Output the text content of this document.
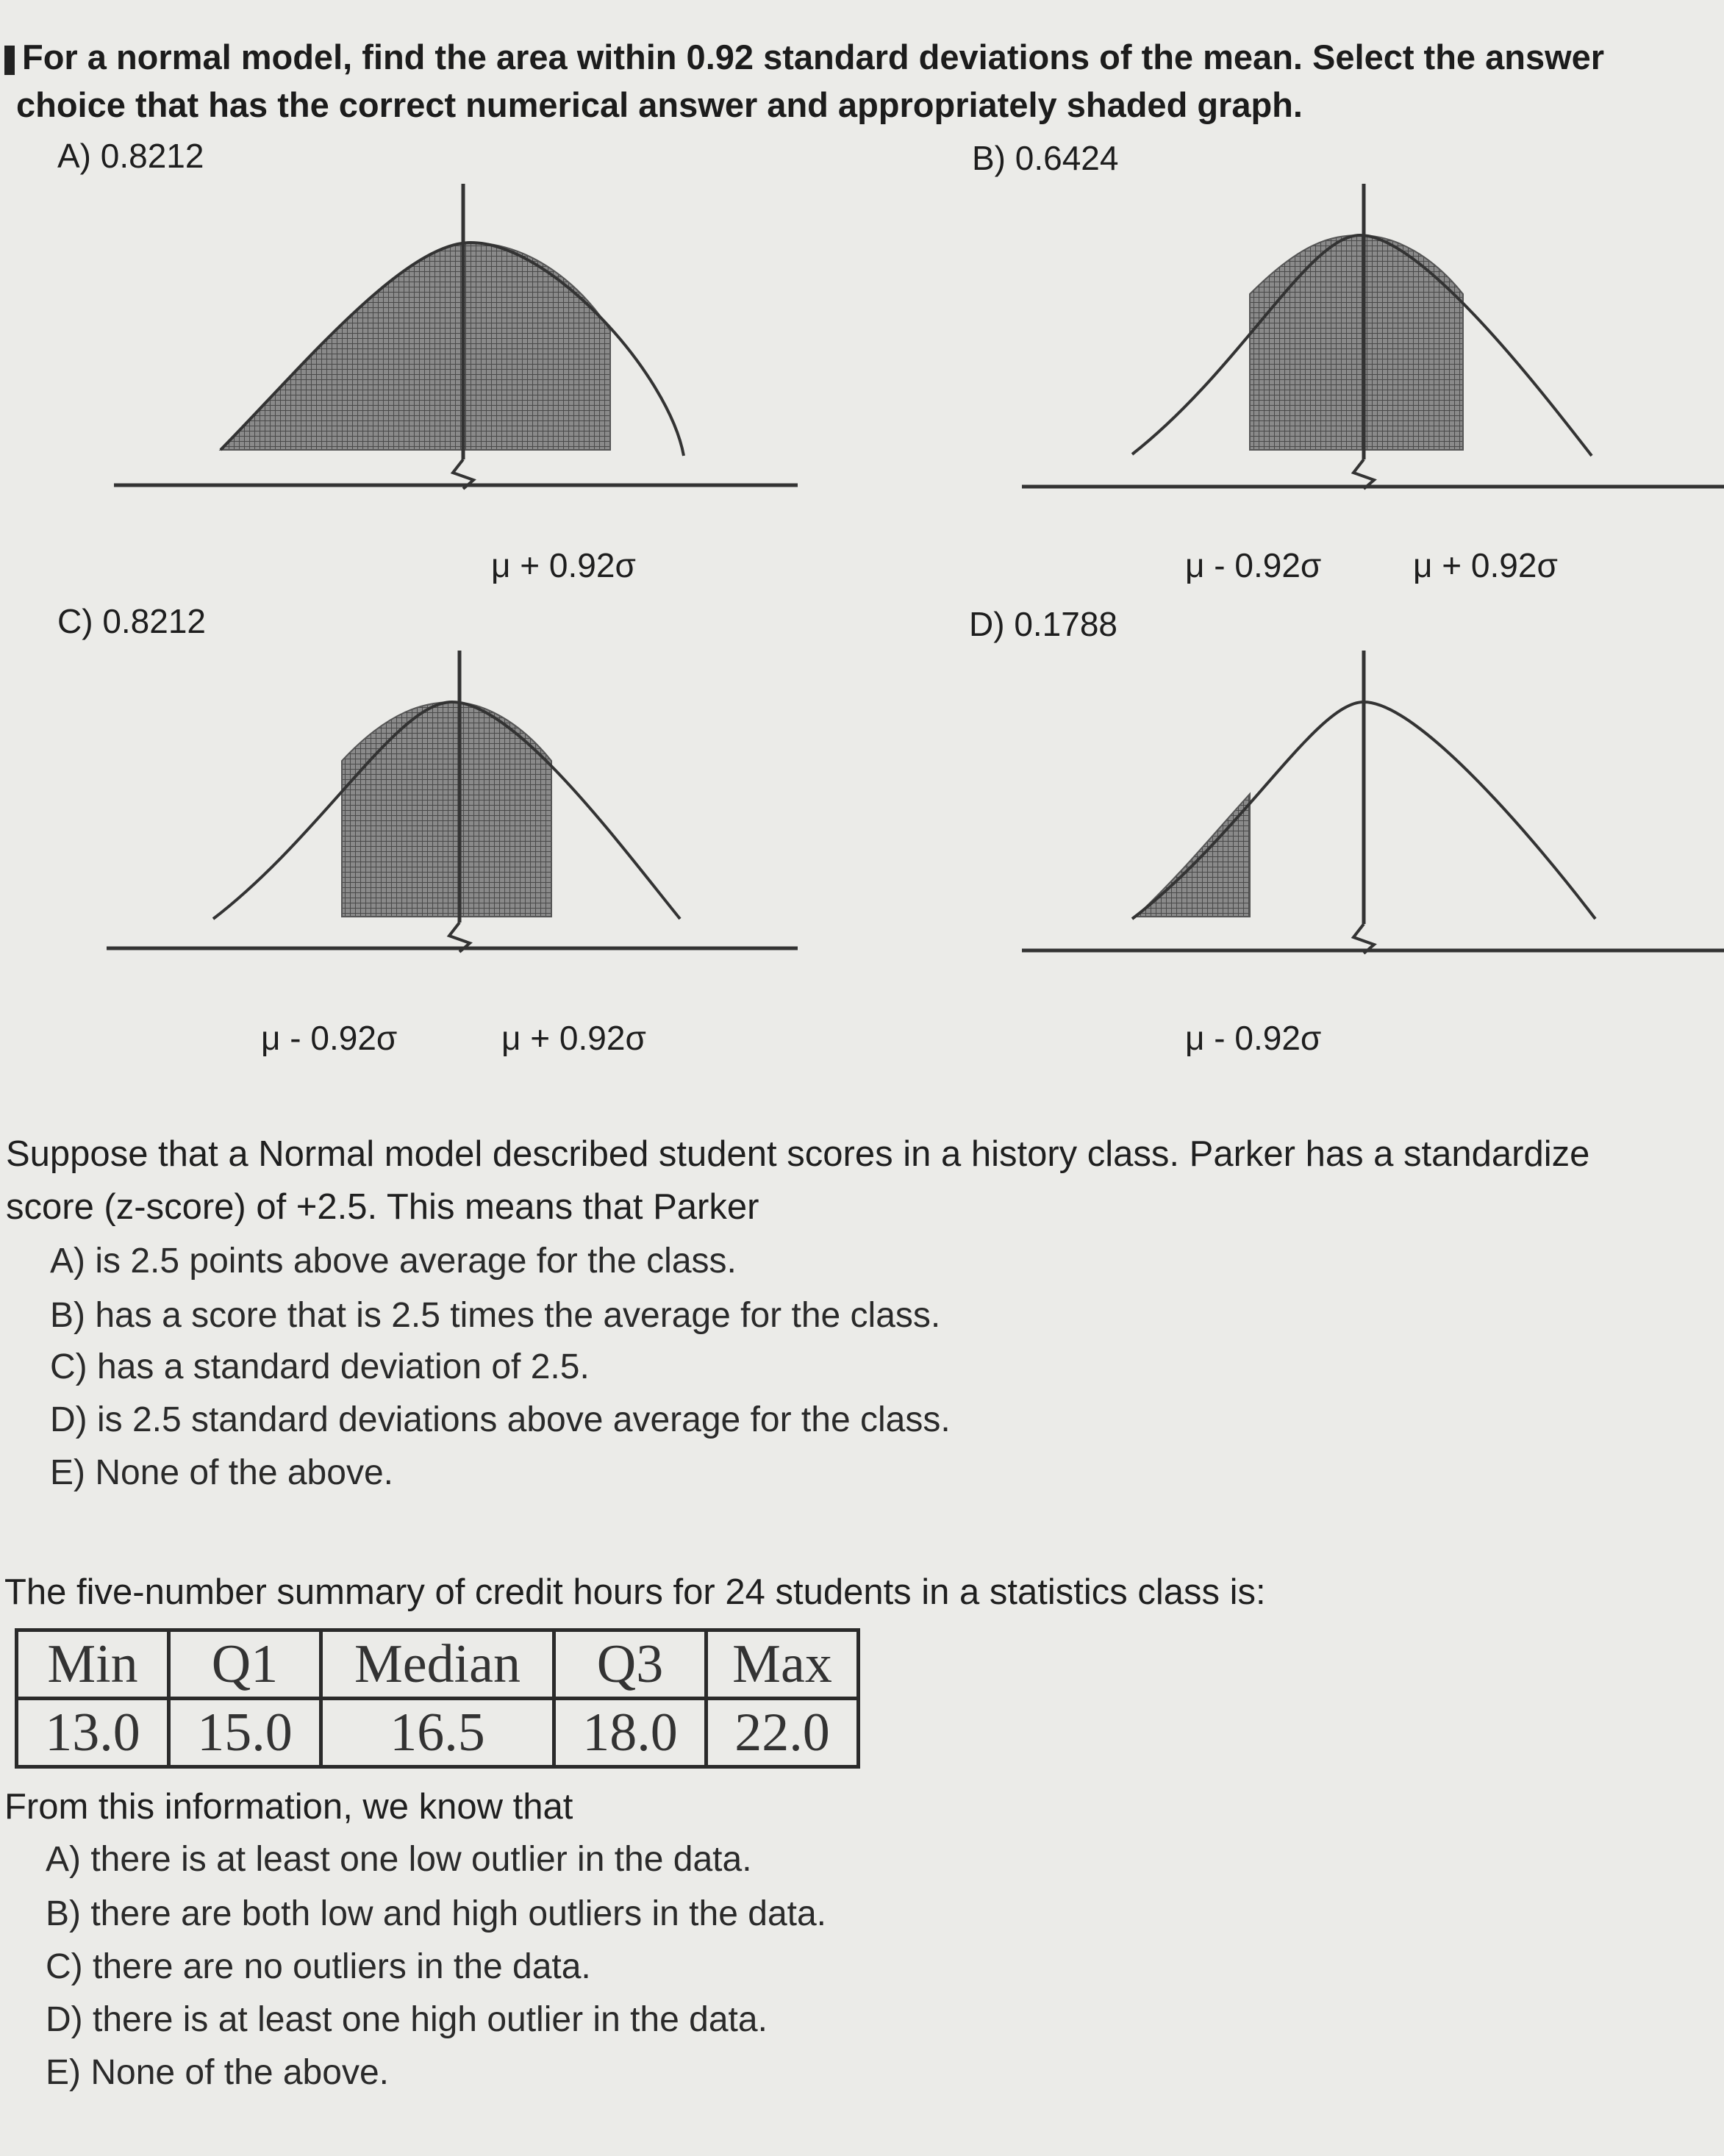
For a normal model, find the area within 0.92 standard deviations of the mean. Select the answer
choice that has the correct numerical answer and appropriately shaded graph.
A) 0.8212	B) 0.6424
μ + 0.92σ	μ - 0.92σ	μ + 0.92σ
C) 0.8212	D) 0.1788
μ - 0.92σ	μ + 0.92σ	μ - 0.92σ
Suppose that a Normal model described student scores in a history class. Parker has a standardize
score (z-score) of +2.5. This means that Parker
A) is 2.5 points above average for the class.
B) has a score that is 2.5 times the average for the class.
C) has a standard deviation of 2.5.
D) is 2.5 standard deviations above average for the class.
E) None of the above.
The five-number summary of credit hours for 24 students in a statistics class is:
Min	Q1	Median	Q3	Max
13.0	15.0	16.5	18.0	22.0
From this information, we know that
A) there is at least one low outlier in the data.
B) there are both low and high outliers in the data.
C) there are no outliers in the data.
D) there is at least one high outlier in the data.
E) None of the above.
